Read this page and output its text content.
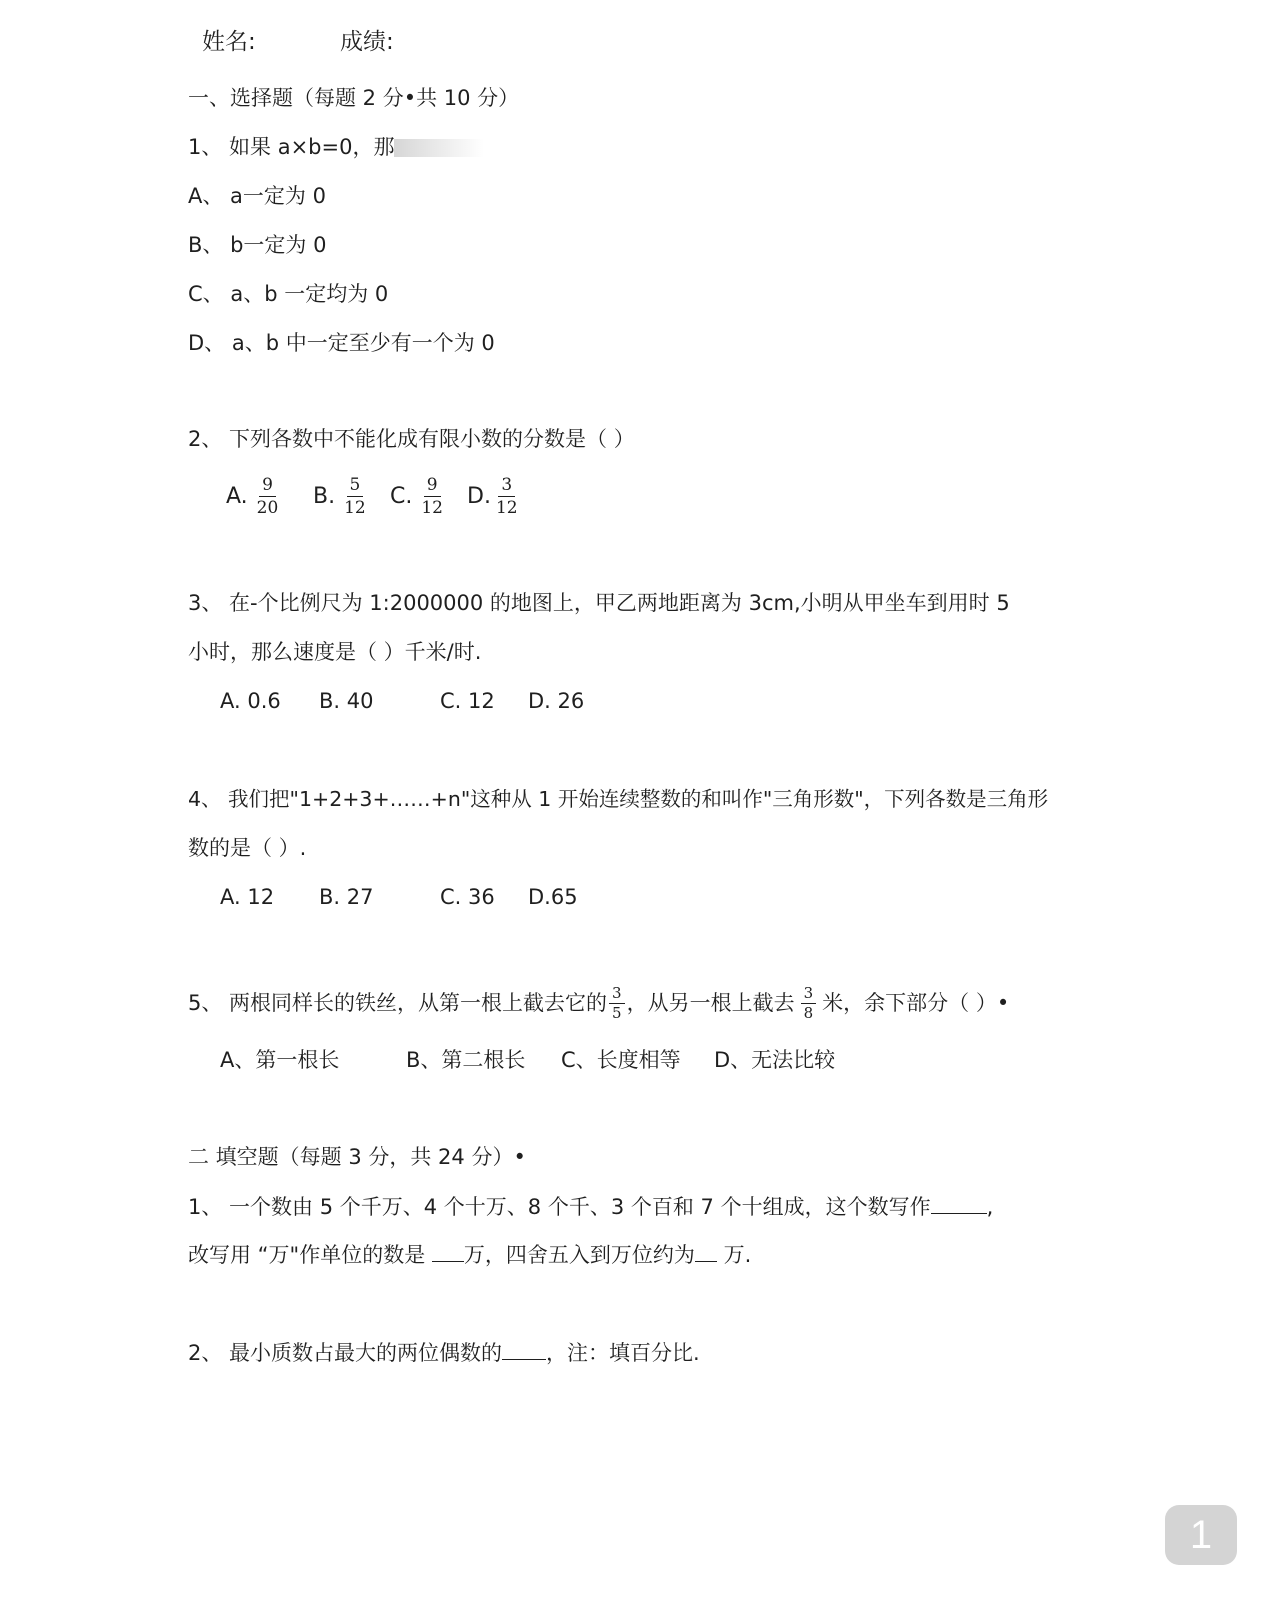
姓名:	成绩:
一、选择题（每题 2 分•共 10 分）
1、 如果 a×b=0，那
A、 a一定为 0
B、 b一定为 0
C、 a、b 一定均为 0
D、 a、b 中一定至少有一个为 0
2、 下列各数中不能化成有限小数的分数是（ ）
A. $\frac{9}{20} B$. $\frac{5}{12} C$. $\frac{9}{12} D$. $\frac{3}{12}$
3、 在-个比例尺为 1:2000000 的地图上，甲乙两地距离为 3cm,小明从甲坐车到用时 5
小时，那么速度是（ ）千米/时.
A. 0.6 B. 40	C. 12 D. 26
4、 我们把"1+2+3+……+n"这种从 1 开始连续整数的和叫作"三角形数"，下列各数是三角形
数的是（ ）.
A. 12 B. 27	C. 36 D.65
5、 两根同样长的铁丝，从第一根上截去它的 $\frac{3}{5}$ ，从另一根上截去 $\frac{3}{8}$ 米，余下部分（ ）•
A、第一根长	B、第二根长 C、长度相等 D、无法比较
二 填空题（每题 3 分，共 24 分）•
1、 一个数由 5 个千万、4 个十万、8 个千、3 个百和 7 个十组成，这个数写作	,
改写用 “万"作单位的数是 万，四舍五入到万位约为 万.
2、 最小质数占最大的两位偶数的 ，注：填百分比.
1
